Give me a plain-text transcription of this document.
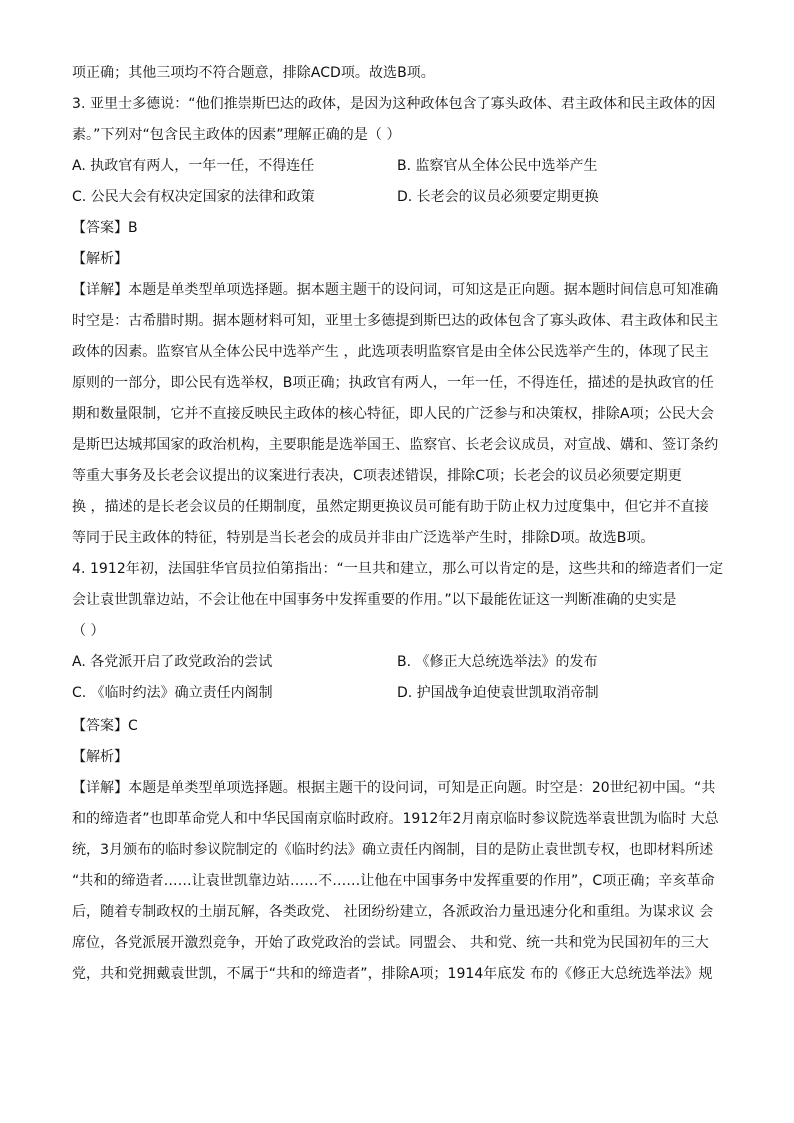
项正确；其他三项均不符合题意，排除ACD项。故选B项。
3. 亚里士多德说：“他们推崇斯巴达的政体，是因为这种政体包含了寡头政体、君主政体和民主政体的因
素。”下列对“包含民主政体的因素”理解正确的是（ ）
A. 执政官有两人，一年一任，不得连任	B. 监察官从全体公民中选举产生
C. 公民大会有权决定国家的法律和政策	D. 长老会的议员必须要定期更换
【答案】B
【解析】
【详解】本题是单类型单项选择题。据本题主题干的设问词，可知这是正向题。据本题时间信息可知准确
时空是：古希腊时期。据本题材料可知，亚里士多德提到斯巴达的政体包含了寡头政体、君主政体和民主
政体的因素。监察官从全体公民中选举产生 ，此选项表明监察官是由全体公民选举产生的，体现了民主
原则的一部分，即公民有选举权，B项正确；执政官有两人，一年一任，不得连任，描述的是执政官的任
期和数量限制，它并不直接反映民主政体的核心特征，即人民的广泛参与和决策权，排除A项；公民大会
是斯巴达城邦国家的政治机构，主要职能是选举国王、监察官、长老会议成员，对宣战、媾和、签订条约
等重大事务及长老会议提出的议案进行表决，C项表述错误，排除C项；长老会的议员必须要定期更
换 ，描述的是长老会议员的任期制度，虽然定期更换议员可能有助于防止权力过度集中，但它并不直接
等同于民主政体的特征，特别是当长老会的成员并非由广泛选举产生时，排除D项。故选B项。
4. 1912年初，法国驻华官员拉伯第指出：“一旦共和建立，那么可以肯定的是，这些共和的缔造者们一定
会让袁世凯靠边站，不会让他在中国事务中发挥重要的作用。”以下最能佐证这一判断准确的史实是
（ ）
A. 各党派开启了政党政治的尝试	B. 《修正大总统选举法》的发布
C. 《临时约法》确立责任内阁制	D. 护国战争迫使袁世凯取消帝制
【答案】C
【解析】
【详解】本题是单类型单项选择题。根据主题干的设问词，可知是正向题。时空是：20世纪初中国。“共
和的缔造者”也即革命党人和中华民国南京临时政府。1912年2月南京临时参议院选举袁世凯为临时 大总
统，3月颁布的临时参议院制定的《临时约法》确立责任内阁制，目的是防止袁世凯专权，也即材料所述
“共和的缔造者……让袁世凯靠边站……不……让他在中国事务中发挥重要的作用”，C项正确；辛亥革命
后，随着专制政权的土崩瓦解，各类政党、 社团纷纷建立，各派政治力量迅速分化和重组。为谋求议 会
席位，各党派展开激烈竞争，开始了政党政治的尝试。同盟会、 共和党、统一共和党为民国初年的三大
党，共和党拥戴袁世凯，不属于“共和的缔造者”，排除A项；1914年底发 布的《修正大总统选举法》规
